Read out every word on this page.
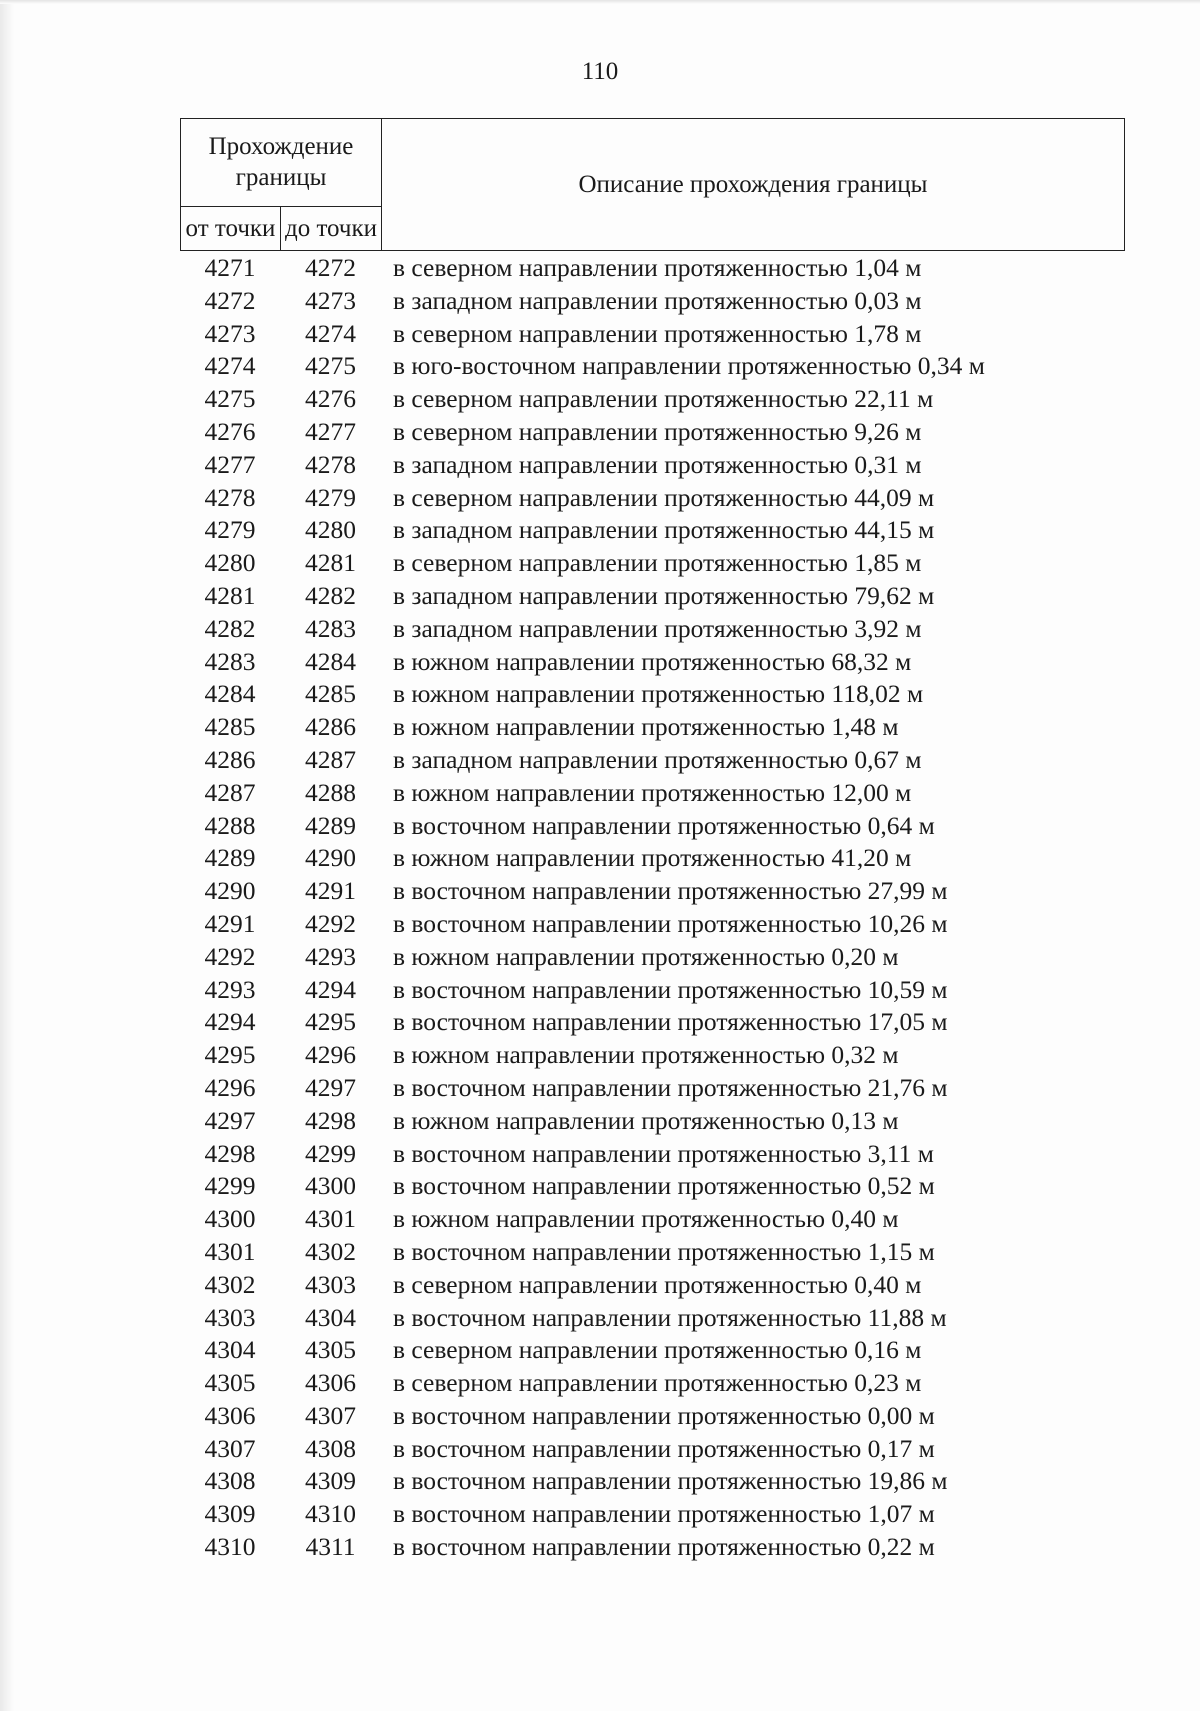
110
Прохождение границы		Описание прохождения границы
от точки	до точки	
4271	4272	в северном направлении протяженностью 1,04 м
4272	4273	в западном направлении протяженностью 0,03 м
4273	4274	в северном направлении протяженностью 1,78 м
4274	4275	в юго-восточном направлении протяженностью 0,34 м
4275	4276	в северном направлении протяженностью 22,11 м
4276	4277	в северном направлении протяженностью 9,26 м
4277	4278	в западном направлении протяженностью 0,31 м
4278	4279	в северном направлении протяженностью 44,09 м
4279	4280	в западном направлении протяженностью 44,15 м
4280	4281	в северном направлении протяженностью 1,85 м
4281	4282	в западном направлении протяженностью 79,62 м
4282	4283	в западном направлении протяженностью 3,92 м
4283	4284	в южном направлении протяженностью 68,32 м
4284	4285	в южном направлении протяженностью 118,02 м
4285	4286	в южном направлении протяженностью 1,48 м
4286	4287	в западном направлении протяженностью 0,67 м
4287	4288	в южном направлении протяженностью 12,00 м
4288	4289	в восточном направлении протяженностью 0,64 м
4289	4290	в южном направлении протяженностью 41,20 м
4290	4291	в восточном направлении протяженностью 27,99 м
4291	4292	в восточном направлении протяженностью 10,26 м
4292	4293	в южном направлении протяженностью 0,20 м
4293	4294	в восточном направлении протяженностью 10,59 м
4294	4295	в восточном направлении протяженностью 17,05 м
4295	4296	в южном направлении протяженностью 0,32 м
4296	4297	в восточном направлении протяженностью 21,76 м
4297	4298	в южном направлении протяженностью 0,13 м
4298	4299	в восточном направлении протяженностью 3,11 м
4299	4300	в восточном направлении протяженностью 0,52 м
4300	4301	в южном направлении протяженностью 0,40 м
4301	4302	в восточном направлении протяженностью 1,15 м
4302	4303	в северном направлении протяженностью 0,40 м
4303	4304	в восточном направлении протяженностью 11,88 м
4304	4305	в северном направлении протяженностью 0,16 м
4305	4306	в северном направлении протяженностью 0,23 м
4306	4307	в восточном направлении протяженностью 0,00 м
4307	4308	в восточном направлении протяженностью 0,17 м
4308	4309	в восточном направлении протяженностью 19,86 м
4309	4310	в восточном направлении протяженностью 1,07 м
4310	4311	в восточном направлении протяженностью 0,22 м
